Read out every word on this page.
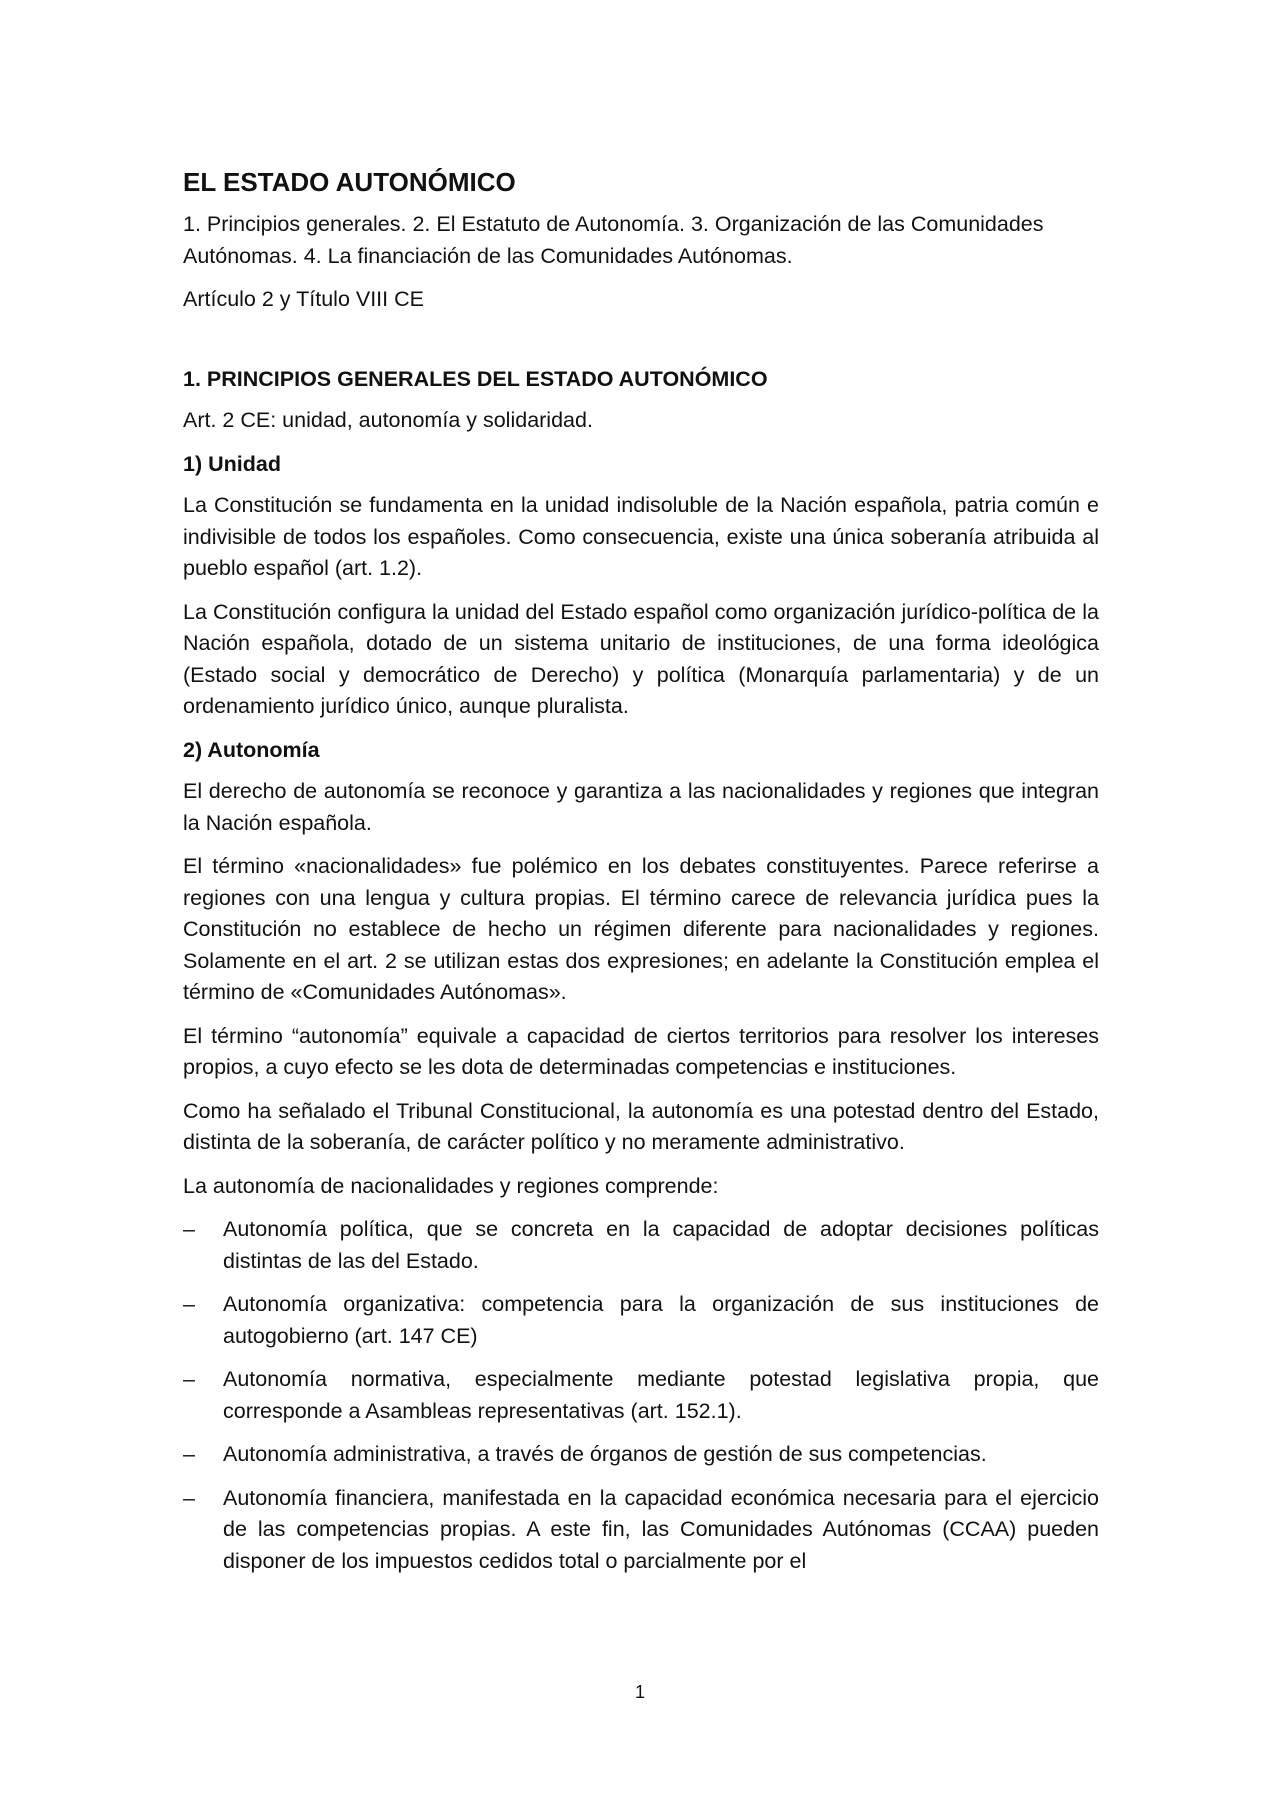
EL ESTADO AUTONÓMICO

1. Principios generales. 2. El Estatuto de Autonomía. 3. Organización de las Comunidades Autónomas. 4. La financiación de las Comunidades Autónomas.

Artículo 2 y Título VIII CE

1. PRINCIPIOS GENERALES DEL ESTADO AUTONÓMICO

Art. 2 CE: unidad, autonomía y solidaridad.

1) Unidad

La Constitución se fundamenta en la unidad indisoluble de la Nación española, patria común e indivisible de todos los españoles. Como consecuencia, existe una única soberanía atribuida al pueblo español (art. 1.2).

La Constitución configura la unidad del Estado español como organización jurídico-política de la Nación española, dotado de un sistema unitario de instituciones, de una forma ideológica (Estado social y democrático de Derecho) y política (Monarquía parlamentaria) y de un ordenamiento jurídico único, aunque pluralista.

2) Autonomía

El derecho de autonomía se reconoce y garantiza a las nacionalidades y regiones que integran la Nación española.

El término «nacionalidades» fue polémico en los debates constituyentes. Parece referirse a regiones con una lengua y cultura propias. El término carece de relevancia jurídica pues la Constitución no establece de hecho un régimen diferente para nacionalidades y regiones. Solamente en el art. 2 se utilizan estas dos expresiones; en adelante la Constitución emplea el término de «Comunidades Autónomas».

El término “autonomía” equivale a capacidad de ciertos territorios para resolver los intereses propios, a cuyo efecto se les dota de determinadas competencias e instituciones.

Como ha señalado el Tribunal Constitucional, la autonomía es una potestad dentro del Estado, distinta de la soberanía, de carácter político y no meramente administrativo.

La autonomía de nacionalidades y regiones comprende:

–	Autonomía política, que se concreta en la capacidad de adoptar decisiones políticas distintas de las del Estado.
–	Autonomía organizativa: competencia para la organización de sus instituciones de autogobierno (art. 147 CE)
–	Autonomía normativa, especialmente mediante potestad legislativa propia, que corresponde a Asambleas representativas (art. 152.1).
–	Autonomía administrativa, a través de órganos de gestión de sus competencias.
–	Autonomía financiera, manifestada en la capacidad económica necesaria para el ejercicio de las competencias propias. A este fin, las Comunidades Autónomas (CCAA) pueden disponer de los impuestos cedidos total o parcialmente por el
1
